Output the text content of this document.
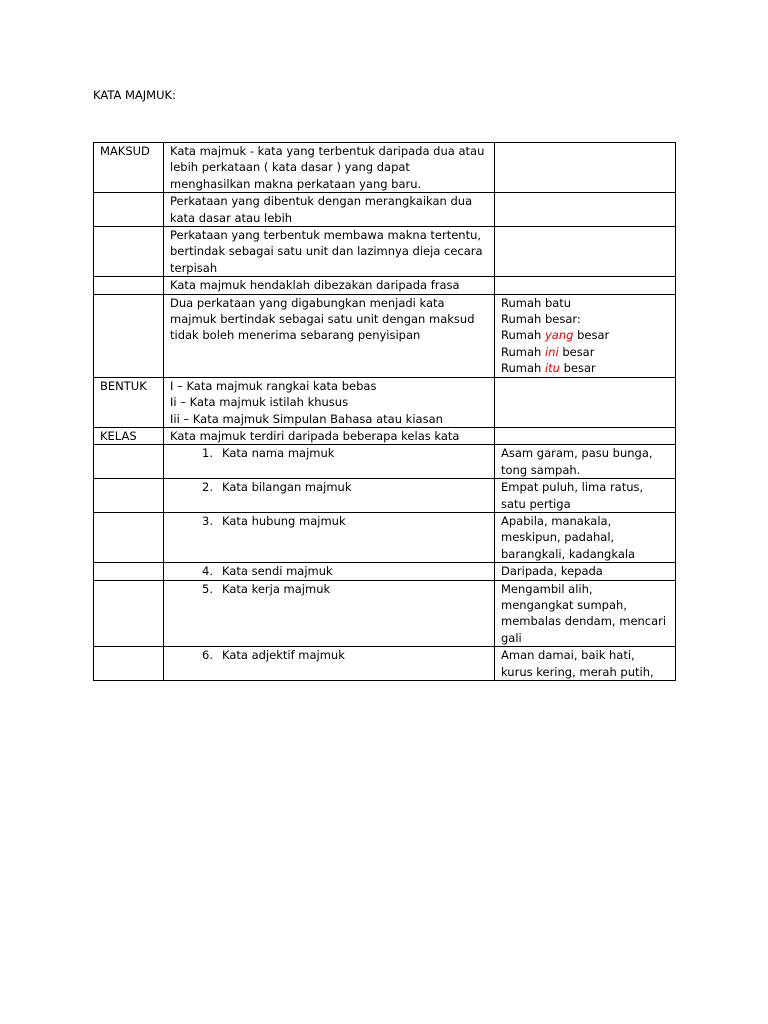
KATA MAJMUK:
MAKSUD	Kata majmuk - kata yang terbentuk daripada dua atau
lebih perkataan ( kata dasar ) yang dapat
menghasilkan makna perkataan yang baru.	

	Perkataan yang dibentuk dengan merangkaikan dua
kata dasar atau lebih	

	Perkataan yang terbentuk membawa makna tertentu,
bertindak sebagai satu unit dan lazimnya dieja cecara
terpisah	

	Kata majmuk hendaklah dibezakan daripada frasa	

	Dua perkataan yang digabungkan menjadi kata
majmuk bertindak sebagai satu unit dengan maksud
tidak boleh menerima sebarang penyisipan	Rumah batu
Rumah besar:
Rumah yang besar
Rumah ini besar
Rumah itu besar

BENTUK	I – Kata majmuk rangkai kata bebas
Ii – Kata majmuk istilah khusus
Iii – Kata majmuk Simpulan Bahasa atau kiasan	

KELAS	Kata majmuk terdiri daripada beberapa kelas kata	

	1. Kata nama majmuk	Asam garam, pasu bunga,
tong sampah.

	2. Kata bilangan majmuk	Empat puluh, lima ratus,
satu pertiga

	3. Kata hubung majmuk	Apabila, manakala,
meskipun, padahal,
barangkali, kadangkala

	4. Kata sendi majmuk	Daripada, kepada

	5. Kata kerja majmuk	Mengambil alih,
mengangkat sumpah,
membalas dendam, mencari
gali

	6. Kata adjektif majmuk	Aman damai, baik hati,
kurus kering, merah putih,
